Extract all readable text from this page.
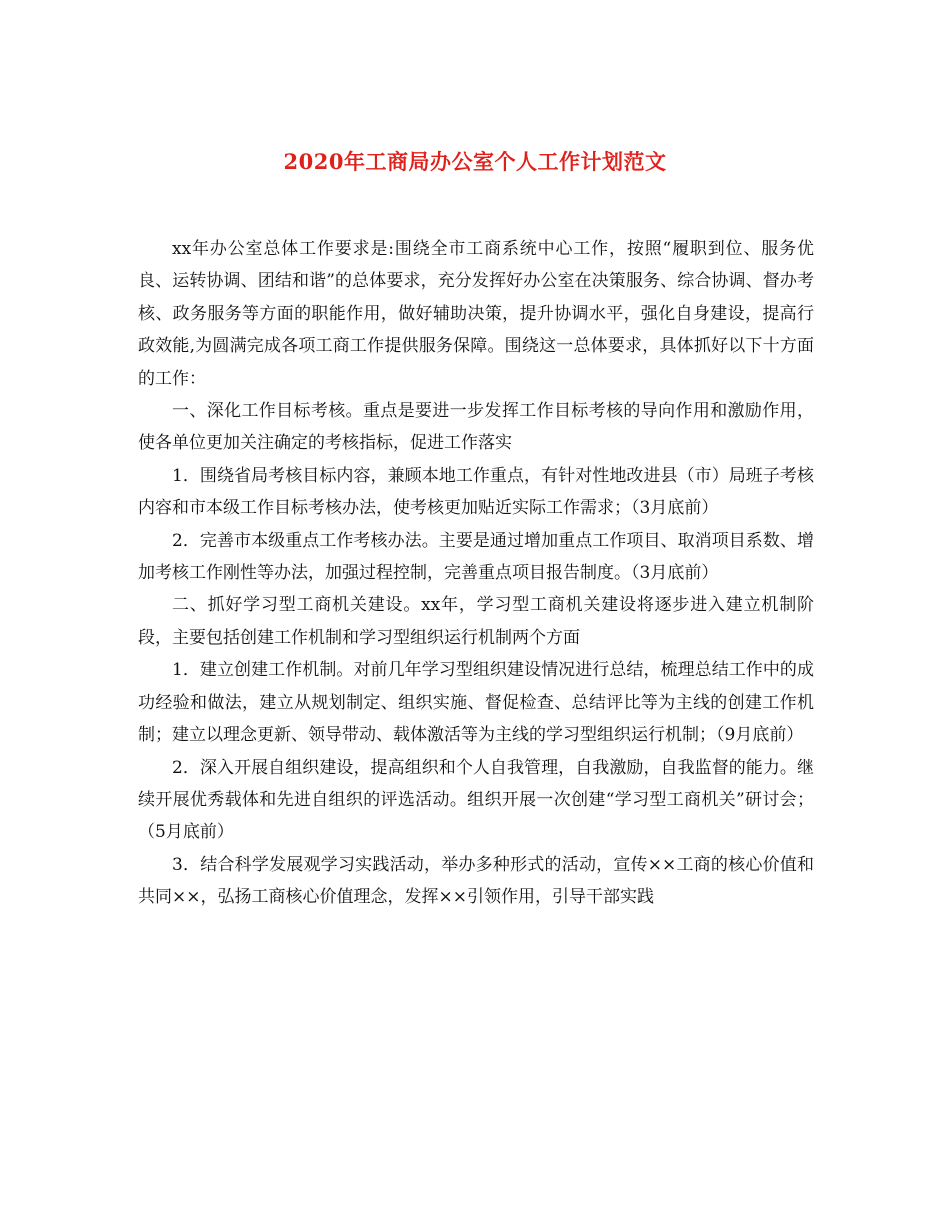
2020年工商局办公室个人工作计划范文

xx年办公室总体工作要求是:围绕全市工商系统中心工作，按照“履职到位、服务优良、运转协调、团结和谐”的总体要求，充分发挥好办公室在决策服务、综合协调、督办考核、政务服务等方面的职能作用，做好辅助决策，提升协调水平，强化自身建设，提高行政效能,为圆满完成各项工商工作提供服务保障。围绕这一总体要求，具体抓好以下十方面的工作：

一、深化工作目标考核。重点是要进一步发挥工作目标考核的导向作用和激励作用，使各单位更加关注确定的考核指标，促进工作落实

1．围绕省局考核目标内容，兼顾本地工作重点，有针对性地改进县（市）局班子考核内容和市本级工作目标考核办法，使考核更加贴近实际工作需求；（3月底前）

2．完善市本级重点工作考核办法。主要是通过增加重点工作项目、取消项目系数、增加考核工作刚性等办法，加强过程控制，完善重点项目报告制度。（3月底前）

二、抓好学习型工商机关建设。xx年，学习型工商机关建设将逐步进入建立机制阶段，主要包括创建工作机制和学习型组织运行机制两个方面

1．建立创建工作机制。对前几年学习型组织建设情况进行总结，梳理总结工作中的成功经验和做法，建立从规划制定、组织实施、督促检查、总结评比等为主线的创建工作机制；建立以理念更新、领导带动、载体激活等为主线的学习型组织运行机制；（9月底前）

2．深入开展自组织建设，提高组织和个人自我管理，自我激励，自我监督的能力。继续开展优秀载体和先进自组织的评选活动。组织开展一次创建“学习型工商机关”研讨会；（5月底前）

3．结合科学发展观学习实践活动，举办多种形式的活动，宣传××工商的核心价值和共同××，弘扬工商核心价值理念，发挥××引领作用，引导干部实践
